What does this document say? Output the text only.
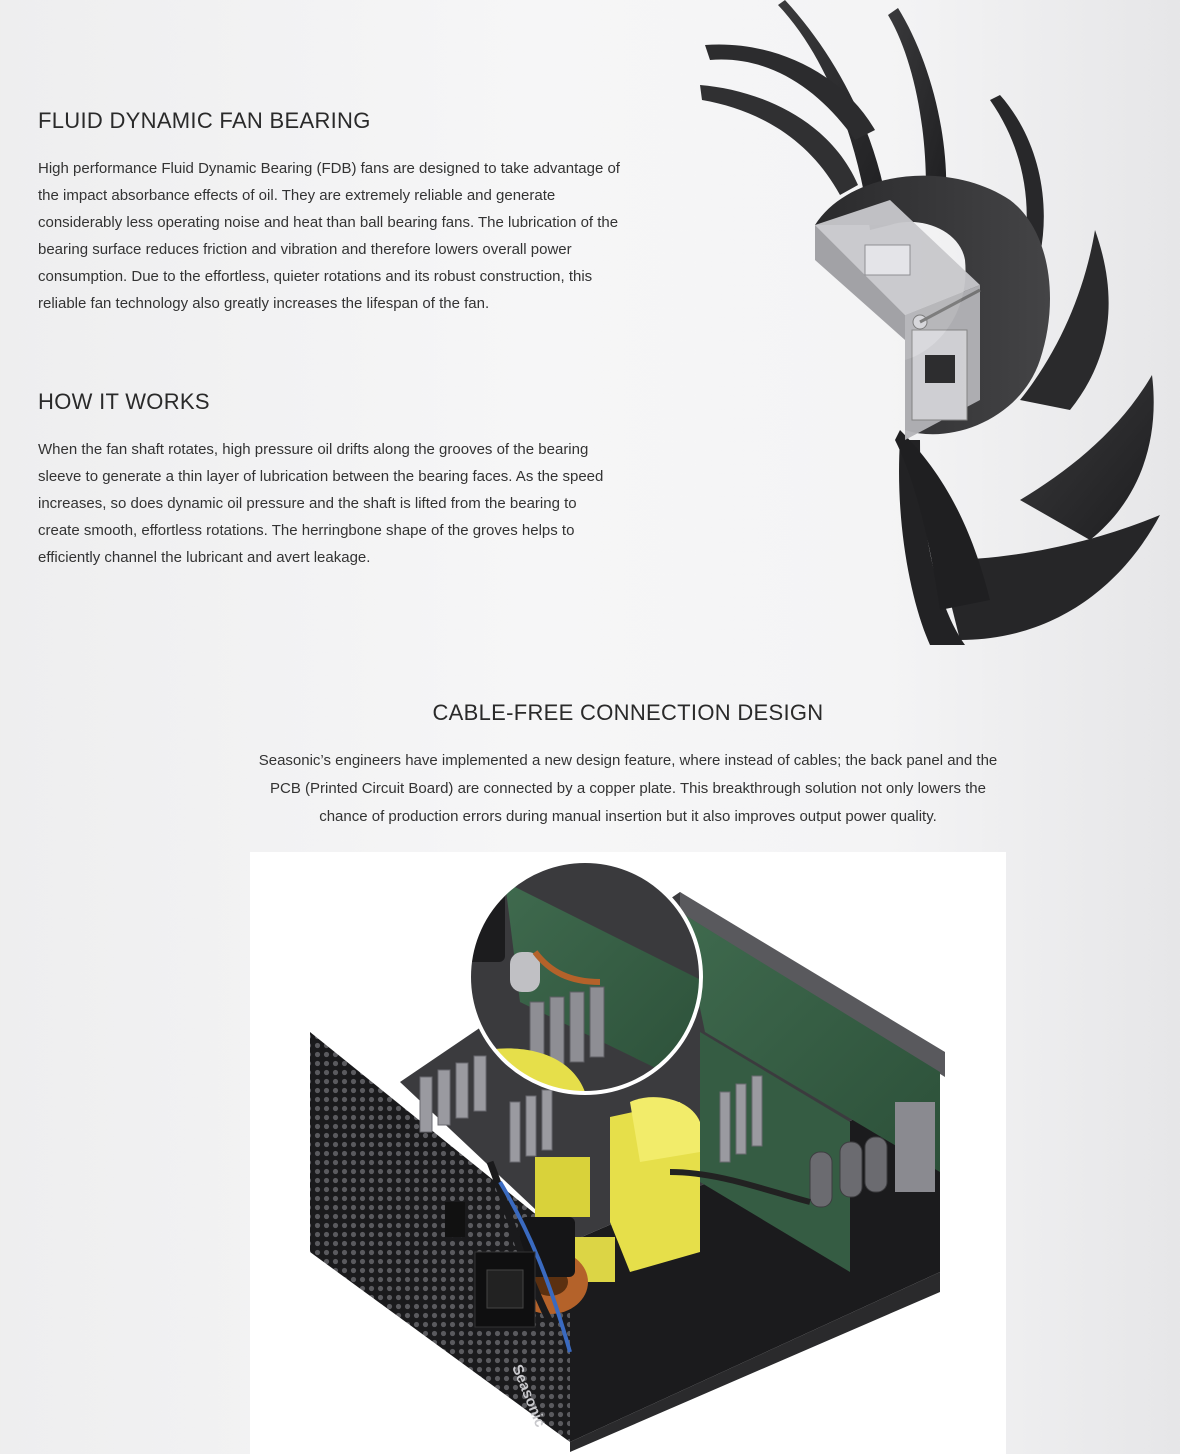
FLUID DYNAMIC FAN BEARING

High performance Fluid Dynamic Bearing (FDB) fans are designed to take advantage of the impact absorbance effects of oil. They are extremely reliable and generate considerably less operating noise and heat than ball bearing fans. The lubrication of the bearing surface reduces friction and vibration and therefore lowers overall power consumption. Due to the effortless, quieter rotations and its robust construction, this reliable fan technology also greatly increases the lifespan of the fan.

HOW IT WORKS

When the fan shaft rotates, high pressure oil drifts along the grooves of the bearing sleeve to generate a thin layer of lubrication between the bearing faces. As the speed increases, so does dynamic oil pressure and the shaft is lifted from the bearing to create smooth, effortless rotations. The herringbone shape of the groves helps to efficiently channel the lubricant and avert leakage.

CABLE-FREE CONNECTION DESIGN

Seasonic’s engineers have implemented a new design feature, where instead of cables; the back panel and the PCB (Printed Circuit Board) are connected by a copper plate. This breakthrough solution not only lowers the chance of production errors during manual insertion but it also improves output power quality.

Seasonic
